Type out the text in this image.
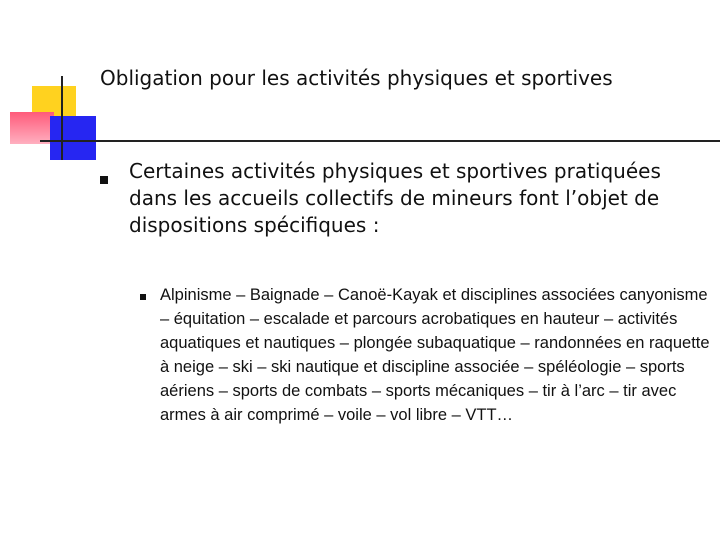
Obligation pour les activités physiques et sportives

Certaines activités physiques et sportives pratiquées dans les accueils collectifs de mineurs font l’objet de dispositions spécifiques :

Alpinisme – Baignade – Canoë-Kayak et disciplines associées canyonisme – équitation – escalade et parcours acrobatiques en hauteur – activités aquatiques et nautiques – plongée subaquatique – randonnées en raquette à neige – ski – ski nautique et discipline associée – spéléologie – sports aériens – sports de combats – sports mécaniques – tir à l’arc – tir avec armes à air comprimé – voile – vol libre – VTT…
